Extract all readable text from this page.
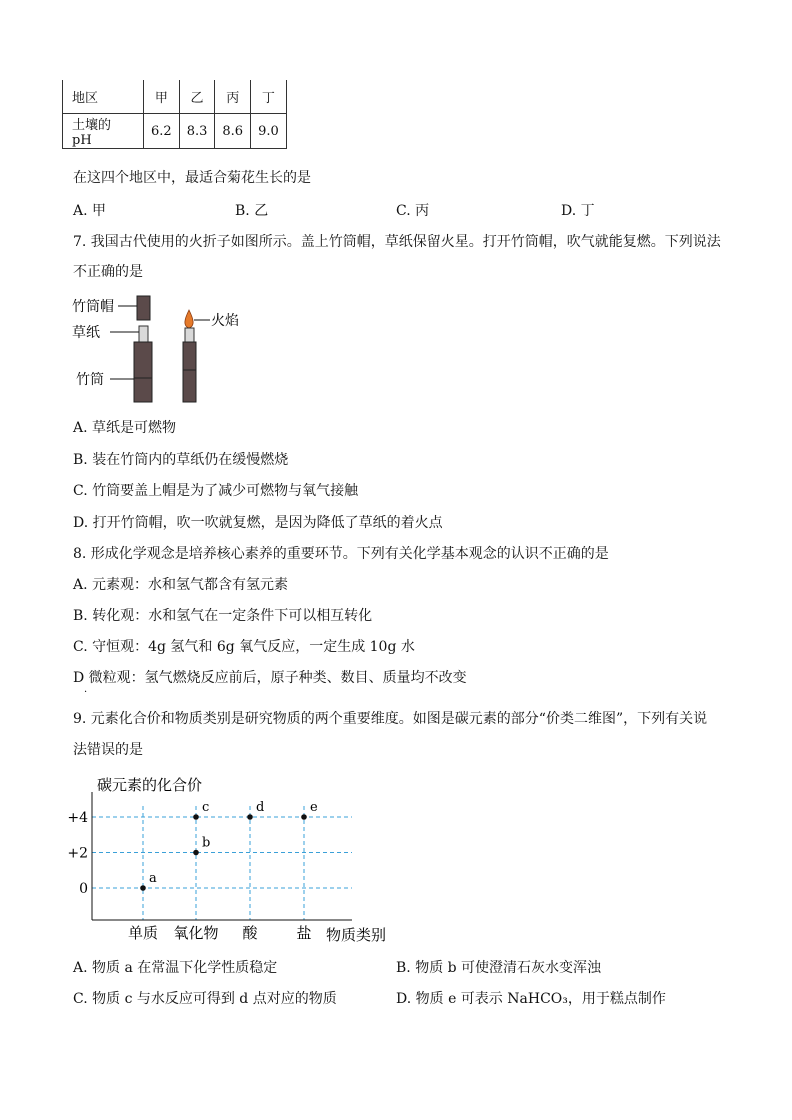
地区	甲	乙	丙	丁
土壤的 pH	6.2	8.3	8.6	9.0
在这四个地区中，最适合菊花生长的是
A. 甲	B. 乙	C. 丙	D. 丁
7. 我国古代使用的火折子如图所示。盖上竹筒帽，草纸保留火星。打开竹筒帽，吹气就能复燃。下列说法
不正确的是
竹筒帽
草纸
竹筒
火焰
A. 草纸是可燃物
B. 装在竹筒内的草纸仍在缓慢燃烧
C. 竹筒要盖上帽是为了减少可燃物与氧气接触
D. 打开竹筒帽，吹一吹就复燃，是因为降低了草纸的着火点
8. 形成化学观念是培养核心素养的重要环节。下列有关化学基本观念的认识不正确的是
A. 元素观：水和氢气都含有氢元素
B. 转化观：水和氢气在一定条件下可以相互转化
C. 守恒观：4g 氢气和 6g 氧气反应，一定生成 10g 水
D 微粒观：氢气燃烧反应前后，原子种类、数目、质量均不改变
·
9. 元素化合价和物质类别是研究物质的两个重要维度。如图是碳元素的部分“价类二维图”，下列有关说
法错误的是
碳元素的化合价
物质类别
+4
+2
0
单质 氧化物 酸	盐
a
b
c	d	e
A. 物质 a 在常温下化学性质稳定	B. 物质 b 可使澄清石灰水变浑浊
C. 物质 c 与水反应可得到 d 点对应的物质	D. 物质 e 可表示 NaHCO₃，用于糕点制作
